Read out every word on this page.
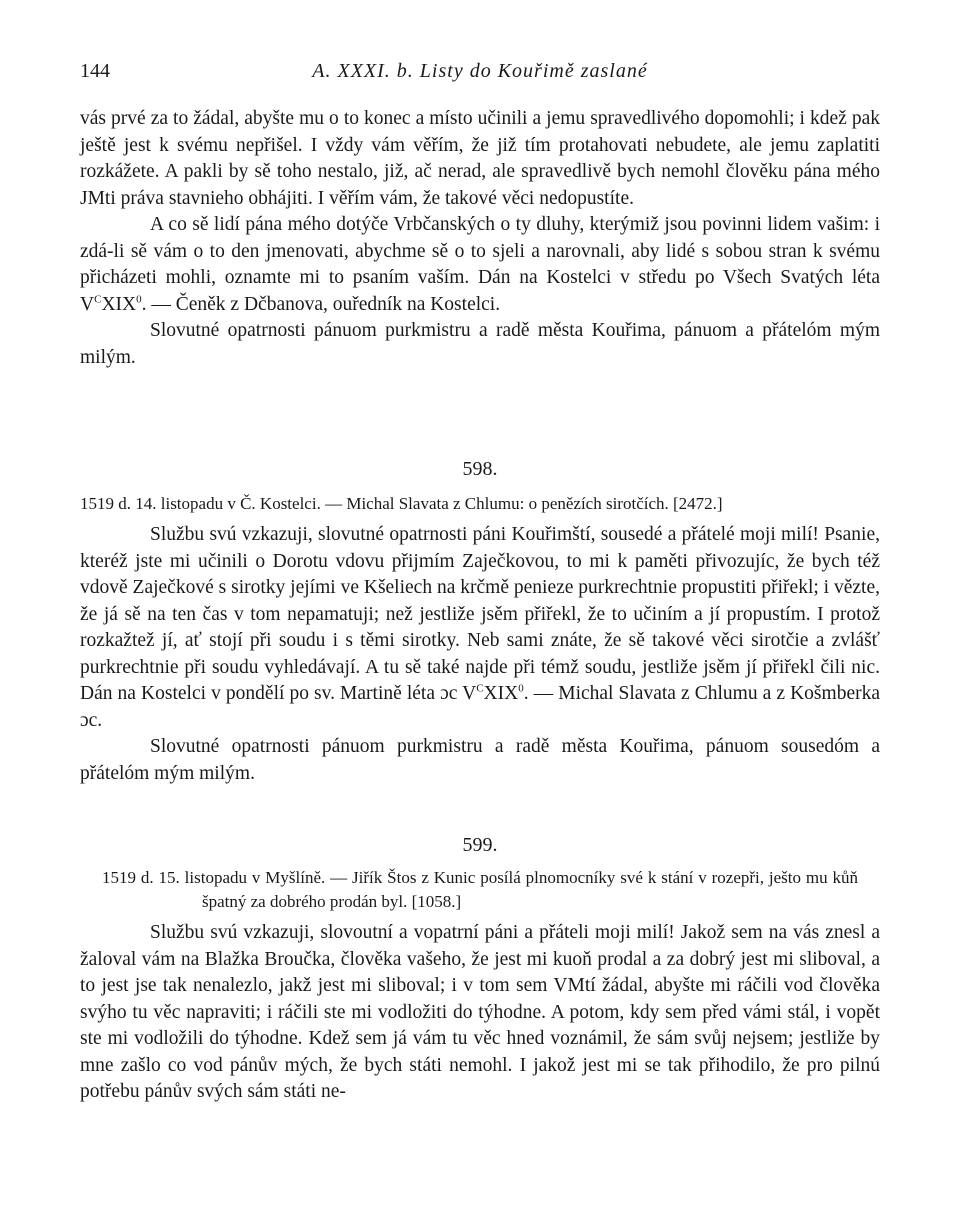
144	A. XXXI. b. Listy do Kouřimě zaslané

vás prvé za to žádal, abyšte mu o to konec a místo učinili a jemu spravedlivého dopomohli; i kdež pak ještě jest k svému nepřišel. I vždy vám věřím, že již tím protahovati nebudete, ale jemu zaplatiti rozkážete. A pakli by sě toho nestalo, již, ač nerad, ale spravedlivě bych nemohl člověku pána mého JMti práva stavnieho obhájiti. I věřím vám, že takové věci nedopustíte.

A co sě lidí pána mého dotýče Vrbčanských o ty dluhy, kterýmiž jsou povinni lidem vašim: i zdá-li sě vám o to den jmenovati, abychme sě o to sjeli a narovnali, aby lidé s sobou stran k svému přicházeti mohli, oznamte mi to psaním vaším. Dán na Kostelci v středu po Všech Svatých léta $V^CXIX^0$. — Čeněk z Dčbanova, ouředník na Kostelci.

Slovutné opatrnosti pánuom purkmistru a radě města Kouřima, pánuom a přátelóm mým milým.

598.

1519 d. 14. listopadu v Č. Kostelci. — Michal Slavata z Chlumu: o penězích sirotčích. [2472.]

Službu svú vzkazuji, slovutné opatrnosti páni Kouřimští, sousedé a přátelé moji milí! Psanie, kteréž jste mi učinili o Dorotu vdovu přijmím Zaječkovou, to mi k paměti přivozujíc, že bych též vdově Zaječkové s sirotky jejími ve Kšeliech na krčmě penieze purkrechtnie propustiti přiřekl; i vězte, že já sě na ten čas v tom nepamatuji; než jestliže jsěm přiřekl, že to učiním a jí propustím. I protož rozkažtež jí, ať stojí při soudu i s těmi sirotky. Neb sami znáte, že sě takové věci sirotčie a zvlášť purkrechtnie při soudu vyhledávají. A tu sě také najde při témž soudu, jestliže jsěm jí přiřekl čili nic. Dán na Kostelci v pondělí po sv. Martině léta ɔc $V^CXIX^0$. — Michal Slavata z Chlumu a z Košmberka ɔc.

Slovutné opatrnosti pánuom purkmistru a radě města Kouřima, pánuom sousedóm a přátelóm mým milým.

599.

1519 d. 15. listopadu v Myšlíně. — Jiřík Štos z Kunic posílá plnomocníky své k stání v rozepři, ješto mu kůň špatný za dobrého prodán byl. [1058.]

Službu svú vzkazuji, slovoutní a vopatrní páni a přáteli moji milí! Jakož sem na vás znesl a žaloval vám na Blažka Broučka, člověka vašeho, že jest mi kuoň prodal a za dobrý jest mi sliboval, a to jest jse tak nenalezlo, jakž jest mi sliboval; i v tom sem VMtí žádal, abyšte mi ráčili vod člověka svýho tu věc napraviti; i ráčili ste mi vodložiti do týhodne. A potom, kdy sem před vámi stál, i vopět ste mi vodložili do týhodne. Kdež sem já vám tu věc hned voznámil, že sám svůj nejsem; jestliže by mne zašlo co vod pánův mých, že bych státi nemohl. I jakož jest mi se tak přihodilo, že pro pilnú potřebu pánův svých sám státi ne-
